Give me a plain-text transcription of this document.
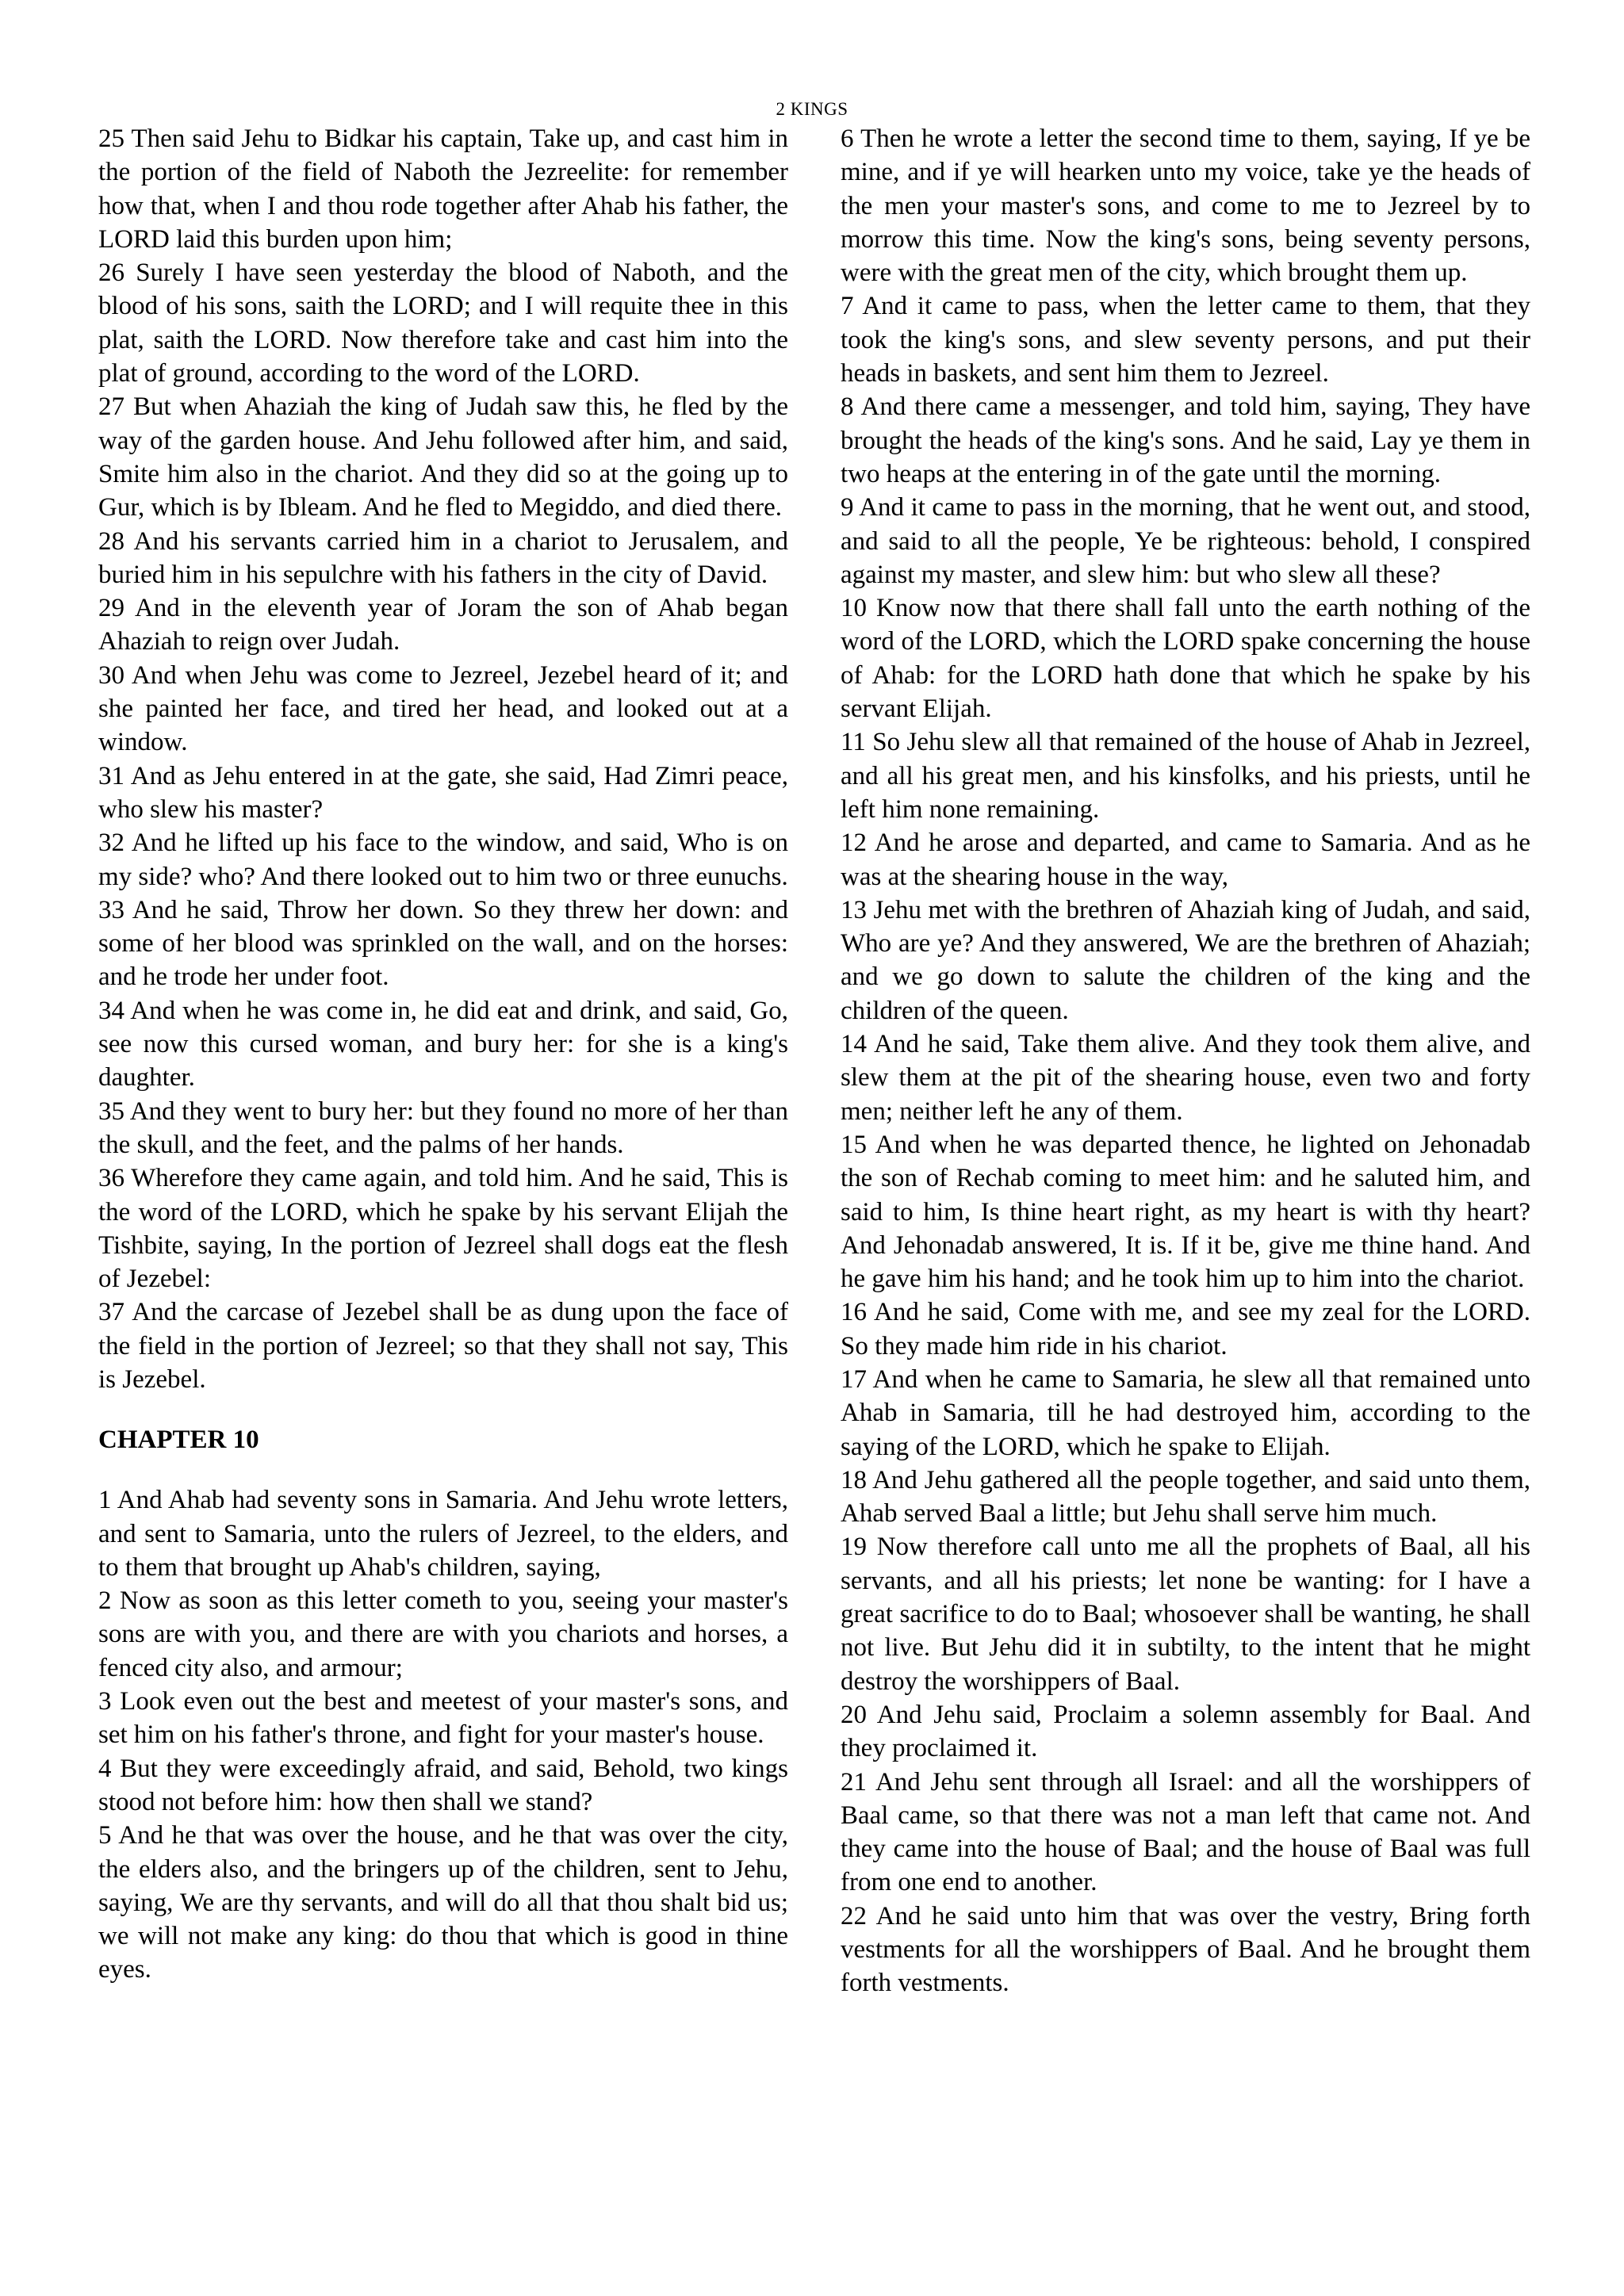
2 KINGS

25 Then said Jehu to Bidkar his captain, Take up, and cast him in the portion of the field of Naboth the Jezreelite: for remember how that, when I and thou rode together after Ahab his father, the LORD laid this burden upon him;

26 Surely I have seen yesterday the blood of Naboth, and the blood of his sons, saith the LORD; and I will requite thee in this plat, saith the LORD. Now therefore take and cast him into the plat of ground, according to the word of the LORD.

27 But when Ahaziah the king of Judah saw this, he fled by the way of the garden house. And Jehu followed after him, and said, Smite him also in the chariot. And they did so at the going up to Gur, which is by Ibleam. And he fled to Megiddo, and died there.

28 And his servants carried him in a chariot to Jerusalem, and buried him in his sepulchre with his fathers in the city of David.

29 And in the eleventh year of Joram the son of Ahab began Ahaziah to reign over Judah.

30 And when Jehu was come to Jezreel, Jezebel heard of it; and she painted her face, and tired her head, and looked out at a window.

31 And as Jehu entered in at the gate, she said, Had Zimri peace, who slew his master?

32 And he lifted up his face to the window, and said, Who is on my side? who? And there looked out to him two or three eunuchs.

33 And he said, Throw her down. So they threw her down: and some of her blood was sprinkled on the wall, and on the horses: and he trode her under foot.

34 And when he was come in, he did eat and drink, and said, Go, see now this cursed woman, and bury her: for she is a king's daughter.

35 And they went to bury her: but they found no more of her than the skull, and the feet, and the palms of her hands.

36 Wherefore they came again, and told him. And he said, This is the word of the LORD, which he spake by his servant Elijah the Tishbite, saying, In the portion of Jezreel shall dogs eat the flesh of Jezebel:

37 And the carcase of Jezebel shall be as dung upon the face of the field in the portion of Jezreel; so that they shall not say, This is Jezebel.

CHAPTER 10

1 And Ahab had seventy sons in Samaria. And Jehu wrote letters, and sent to Samaria, unto the rulers of Jezreel, to the elders, and to them that brought up Ahab's children, saying,

2 Now as soon as this letter cometh to you, seeing your master's sons are with you, and there are with you chariots and horses, a fenced city also, and armour;

3 Look even out the best and meetest of your master's sons, and set him on his father's throne, and fight for your master's house.

4 But they were exceedingly afraid, and said, Behold, two kings stood not before him: how then shall we stand?

5 And he that was over the house, and he that was over the city, the elders also, and the bringers up of the children, sent to Jehu, saying, We are thy servants, and will do all that thou shalt bid us; we will not make any king: do thou that which is good in thine eyes.

6 Then he wrote a letter the second time to them, saying, If ye be mine, and if ye will hearken unto my voice, take ye the heads of the men your master's sons, and come to me to Jezreel by to morrow this time. Now the king's sons, being seventy persons, were with the great men of the city, which brought them up.

7 And it came to pass, when the letter came to them, that they took the king's sons, and slew seventy persons, and put their heads in baskets, and sent him them to Jezreel.

8 And there came a messenger, and told him, saying, They have brought the heads of the king's sons. And he said, Lay ye them in two heaps at the entering in of the gate until the morning.

9 And it came to pass in the morning, that he went out, and stood, and said to all the people, Ye be righteous: behold, I conspired against my master, and slew him: but who slew all these?

10 Know now that there shall fall unto the earth nothing of the word of the LORD, which the LORD spake concerning the house of Ahab: for the LORD hath done that which he spake by his servant Elijah.

11 So Jehu slew all that remained of the house of Ahab in Jezreel, and all his great men, and his kinsfolks, and his priests, until he left him none remaining.

12 And he arose and departed, and came to Samaria. And as he was at the shearing house in the way,

13 Jehu met with the brethren of Ahaziah king of Judah, and said, Who are ye? And they answered, We are the brethren of Ahaziah; and we go down to salute the children of the king and the children of the queen.

14 And he said, Take them alive. And they took them alive, and slew them at the pit of the shearing house, even two and forty men; neither left he any of them.

15 And when he was departed thence, he lighted on Jehonadab the son of Rechab coming to meet him: and he saluted him, and said to him, Is thine heart right, as my heart is with thy heart? And Jehonadab answered, It is. If it be, give me thine hand. And he gave him his hand; and he took him up to him into the chariot.

16 And he said, Come with me, and see my zeal for the LORD. So they made him ride in his chariot.

17 And when he came to Samaria, he slew all that remained unto Ahab in Samaria, till he had destroyed him, according to the saying of the LORD, which he spake to Elijah.

18 And Jehu gathered all the people together, and said unto them, Ahab served Baal a little; but Jehu shall serve him much.

19 Now therefore call unto me all the prophets of Baal, all his servants, and all his priests; let none be wanting: for I have a great sacrifice to do to Baal; whosoever shall be wanting, he shall not live. But Jehu did it in subtilty, to the intent that he might destroy the worshippers of Baal.

20 And Jehu said, Proclaim a solemn assembly for Baal. And they proclaimed it.

21 And Jehu sent through all Israel: and all the worshippers of Baal came, so that there was not a man left that came not. And they came into the house of Baal; and the house of Baal was full from one end to another.

22 And he said unto him that was over the vestry, Bring forth vestments for all the worshippers of Baal. And he brought them forth vestments.
